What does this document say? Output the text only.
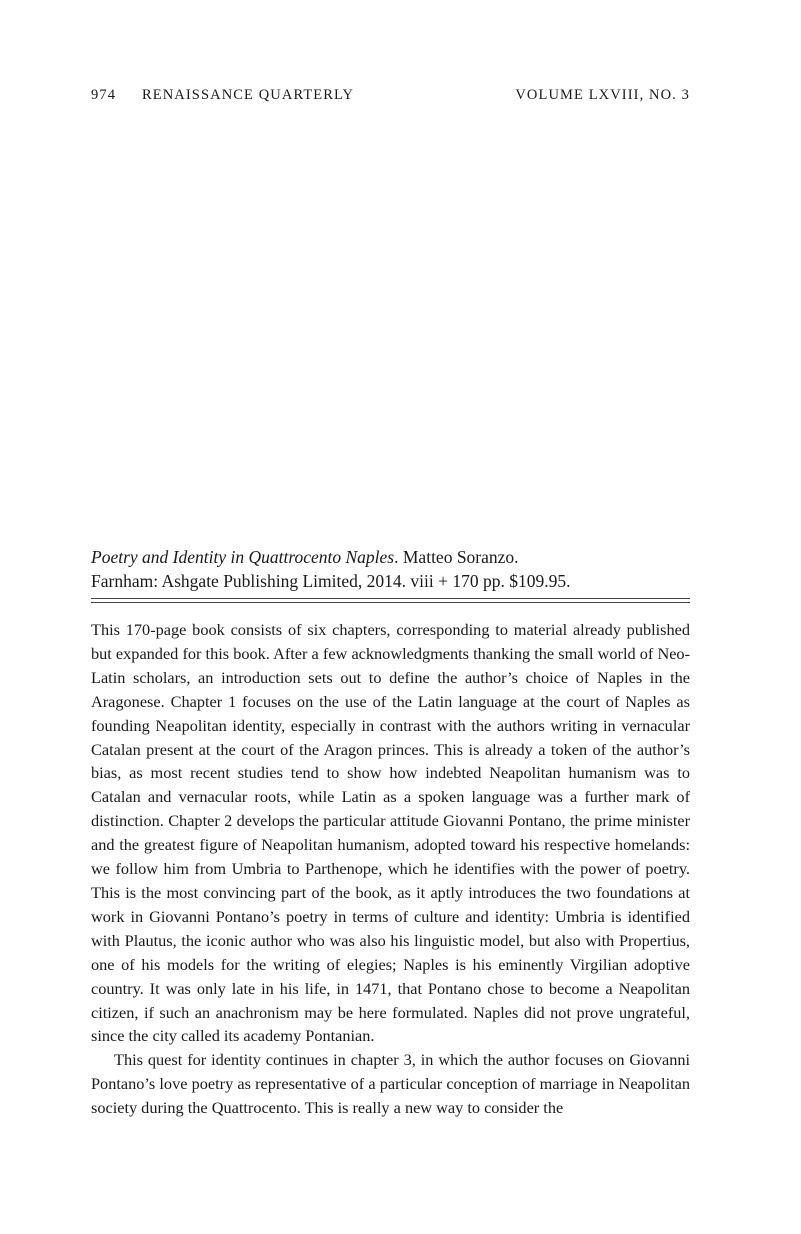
974 RENAISSANCE QUARTERLY	VOLUME LXVIII, NO. 3
Poetry and Identity in Quattrocento Naples. Matteo Soranzo.
Farnham: Ashgate Publishing Limited, 2014. viii + 170 pp. $109.95.

This 170-page book consists of six chapters, corresponding to material already published but expanded for this book. After a few acknowledgments thanking the small world of Neo-Latin scholars, an introduction sets out to define the author’s choice of Naples in the Aragonese. Chapter 1 focuses on the use of the Latin language at the court of Naples as founding Neapolitan identity, especially in contrast with the authors writing in vernacular Catalan present at the court of the Aragon princes. This is already a token of the author’s bias, as most recent studies tend to show how indebted Neapolitan humanism was to Catalan and vernacular roots, while Latin as a spoken language was a further mark of distinction. Chapter 2 develops the particular attitude Giovanni Pontano, the prime minister and the greatest figure of Neapolitan humanism, adopted toward his respective homelands: we follow him from Umbria to Parthenope, which he identifies with the power of poetry. This is the most convincing part of the book, as it aptly introduces the two foundations at work in Giovanni Pontano’s poetry in terms of culture and identity: Umbria is identified with Plautus, the iconic author who was also his linguistic model, but also with Propertius, one of his models for the writing of elegies; Naples is his eminently Virgilian adoptive country. It was only late in his life, in 1471, that Pontano chose to become a Neapolitan citizen, if such an anachronism may be here formulated. Naples did not prove ungrateful, since the city called its academy Pontanian.

This quest for identity continues in chapter 3, in which the author focuses on Giovanni Pontano’s love poetry as representative of a particular conception of marriage in Neapolitan society during the Quattrocento. This is really a new way to consider the
